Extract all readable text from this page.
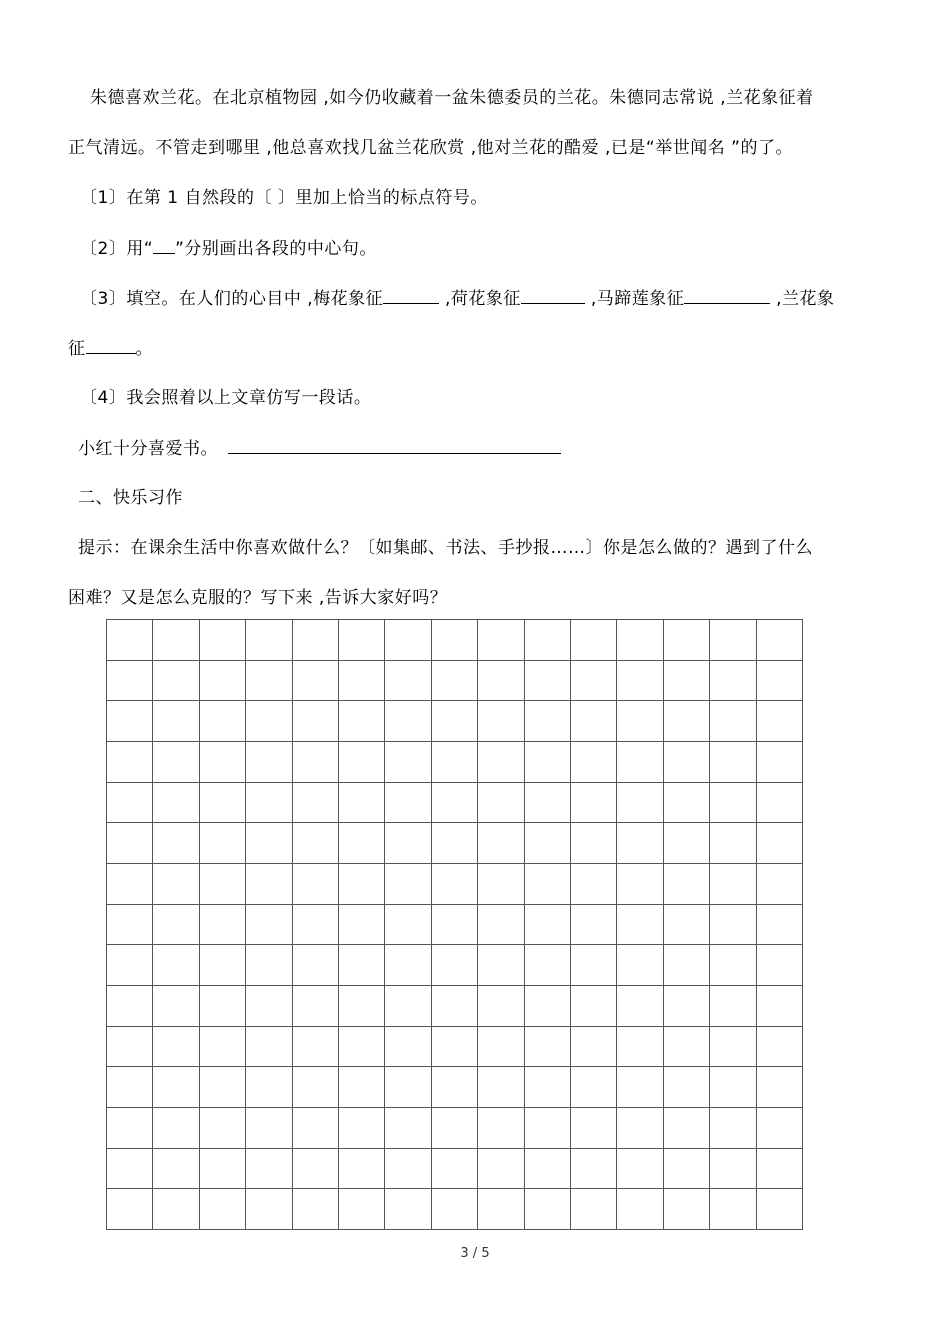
朱德喜欢兰花。在北京植物园 ,如今仍收藏着一盆朱德委员的兰花。朱德同志常说 ,兰花象征着
正气清远。不管走到哪里 ,他总喜欢找几盆兰花欣赏 ,他对兰花的酷爱 ,已是“举世闻名 ”的了。
〔1〕在第 1 自然段的〔 〕里加上恰当的标点符号。
〔2〕用“ ”分别画出各段的中心句。
〔3〕填空。在人们的心目中 ,梅花象征	,荷花象征	,马蹄莲象征	,兰花象
征	。
〔4〕我会照着以上文章仿写一段话。
小红十分喜爱书。
二、快乐习作
提示：在课余生活中你喜欢做什么？〔如集邮、书法、手抄报……〕你是怎么做的？遇到了什么
困难？又是怎么克服的？写下来 ,告诉大家好吗？
3 / 5
